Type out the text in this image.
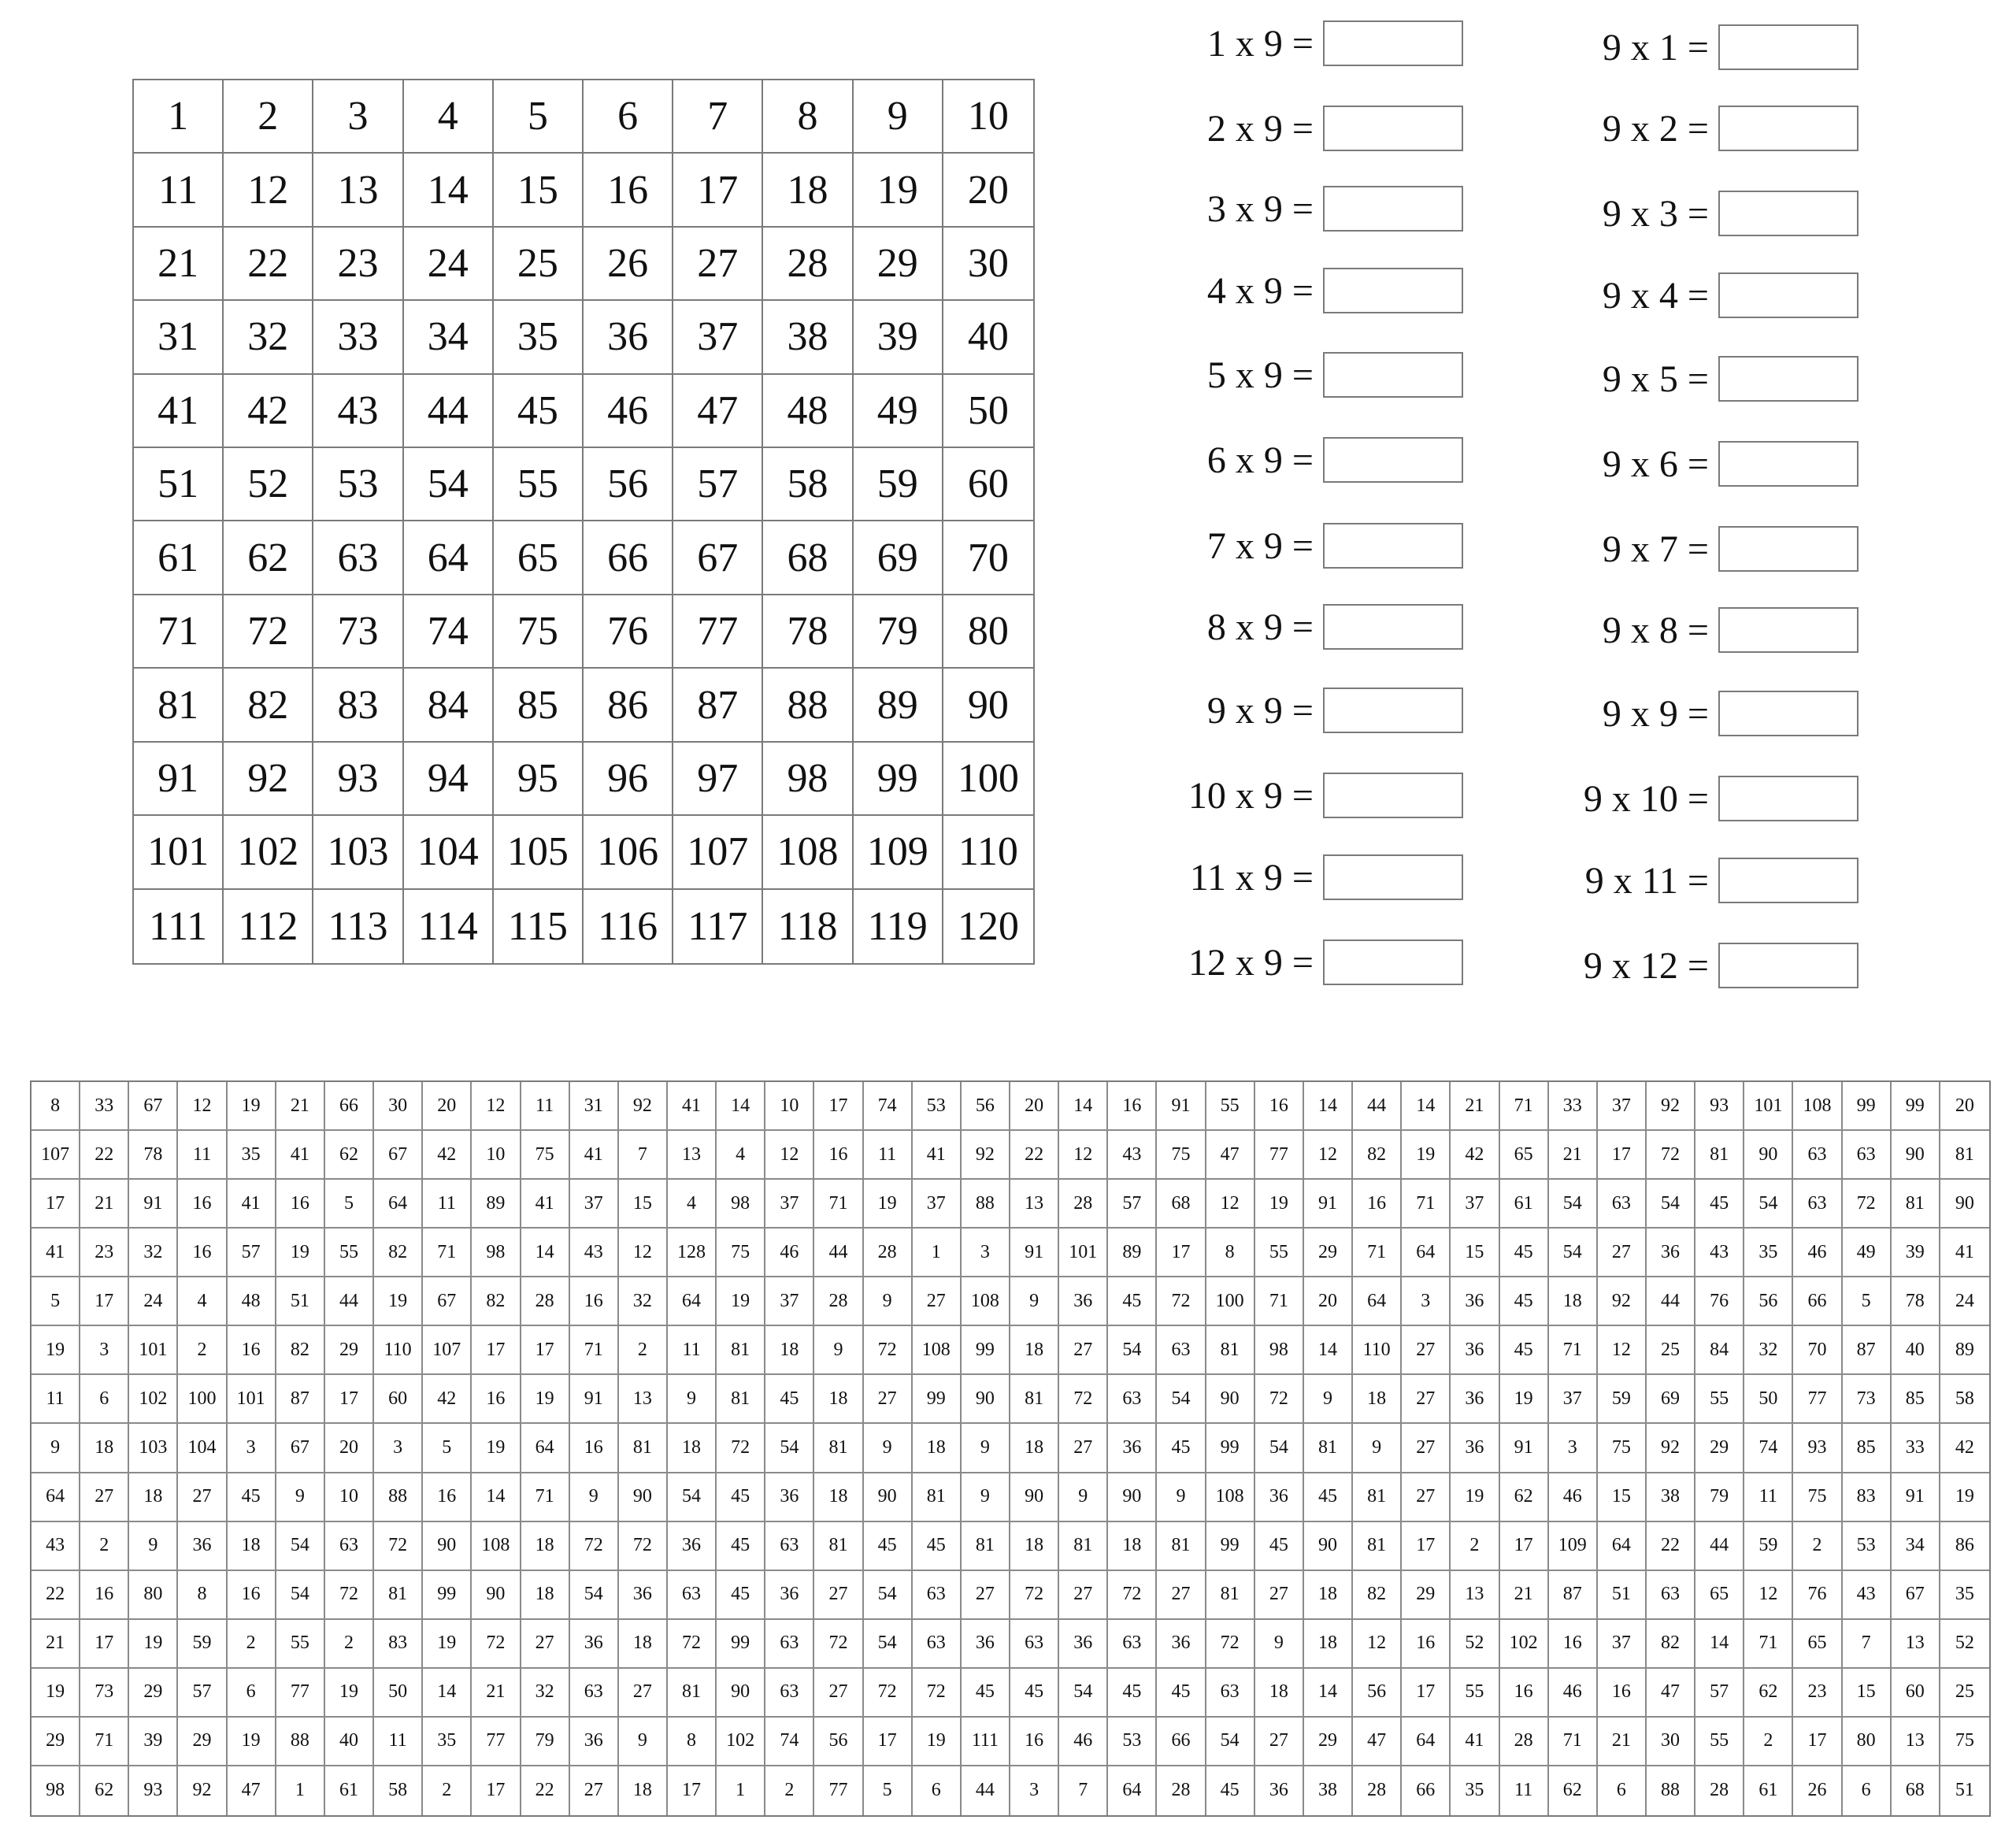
1	2	3	4	5	6	7	8	9	10
11	12	13	14	15	16	17	18	19	20
21	22	23	24	25	26	27	28	29	30
31	32	33	34	35	36	37	38	39	40
41	42	43	44	45	46	47	48	49	50
51	52	53	54	55	56	57	58	59	60
61	62	63	64	65	66	67	68	69	70
71	72	73	74	75	76	77	78	79	80
81	82	83	84	85	86	87	88	89	90
91	92	93	94	95	96	97	98	99 100
101 102 103 104 105 106 107 108 109 110
111 112 113 114 115 116 117 118 119 120
1 x 9 =
2 x 9 =
3 x 9 =
4 x 9 =
5 x 9 =
6 x 9 =
7 x 9 =
8 x 9 =
9 x 9 =
10 x 9 =
11 x 9 =
12 x 9 =
9 x 1 =
9 x 2 =
9 x 3 =
9 x 4 =
9 x 5 =
9 x 6 =
9 x 7 =
9 x 8 =
9 x 9 =
9 x 10 =
9 x 11 =
9 x 12 =
8	33	67	12	19	21	66	30	20	12	11	31	92	41	14	10	17	74	53	56	20	14	16	91	55	16	14	44	14	21	71	33	37	92	93	101	108	99	99	20
107	22	78	11	35	41	62	67	42	10	75	41	7	13	4	12	16	11	41	92	22	12	43	75	47	77	12	82	19	42	65	21	17	72	81	90	63	63	90	81
17	21	91	16	41	16	5	64	11	89	41	37	15	4	98	37	71	19	37	88	13	28	57	68	12	19	91	16	71	37	61	54	63	54	45	54	63	72	81	90
41	23	32	16	57	19	55	82	71	98	14	43	12	128	75	46	44	28	1	3	91	101	89	17	8	55	29	71	64	15	45	54	27	36	43	35	46	49	39	41
5	17	24	4	48	51	44	19	67	82	28	16	32	64	19	37	28	9	27	108	9	36	45	72	100	71	20	64	3	36	45	18	92	44	76	56	66	5	78	24
19	3	101	2	16	82	29	110	107	17	17	71	2	11	81	18	9	72	108	99	18	27	54	63	81	98	14	110	27	36	45	71	12	25	84	32	70	87	40	89
11	6	102	100	101	87	17	60	42	16	19	91	13	9	81	45	18	27	99	90	81	72	63	54	90	72	9	18	27	36	19	37	59	69	55	50	77	73	85	58
9	18	103	104	3	67	20	3	5	19	64	16	81	18	72	54	81	9	18	9	18	27	36	45	99	54	81	9	27	36	91	3	75	92	29	74	93	85	33	42
64	27	18	27	45	9	10	88	16	14	71	9	90	54	45	36	18	90	81	9	90	9	90	9	108	36	45	81	27	19	62	46	15	38	79	11	75	83	91	19
43	2	9	36	18	54	63	72	90	108	18	72	72	36	45	63	81	45	45	81	18	81	18	81	99	45	90	81	17	2	17	109	64	22	44	59	2	53	34	86
22	16	80	8	16	54	72	81	99	90	18	54	36	63	45	36	27	54	63	27	72	27	72	27	81	27	18	82	29	13	21	87	51	63	65	12	76	43	67	35
21	17	19	59	2	55	2	83	19	72	27	36	18	72	99	63	72	54	63	36	63	36	63	36	72	9	18	12	16	52	102	16	37	82	14	71	65	7	13	52
19	73	29	57	6	77	19	50	14	21	32	63	27	81	90	63	27	72	72	45	45	54	45	45	63	18	14	56	17	55	16	46	16	47	57	62	23	15	60	25
29	71	39	29	19	88	40	11	35	77	79	36	9	8	102	74	56	17	19	111	16	46	53	66	54	27	29	47	64	41	28	71	21	30	55	2	17	80	13	75
98	62	93	92	47	1	61	58	2	17	22	27	18	17	1	2	77	5	6	44	3	7	64	28	45	36	38	28	66	35	11	62	6	88	28	61	26	6	68	51
